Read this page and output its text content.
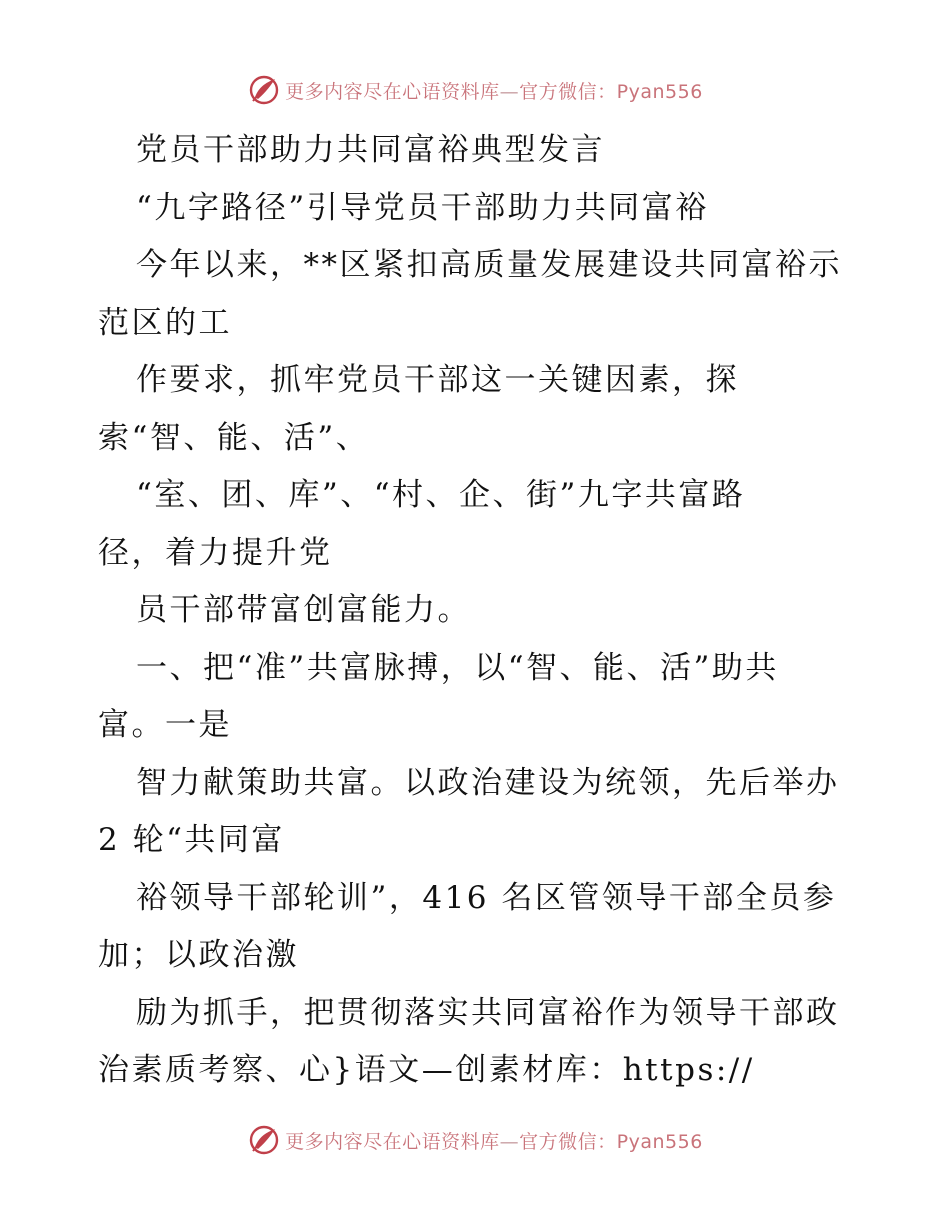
更多内容尽在心语资料库—官方微信：Pyan556
党员干部助力共同富裕典型发言
“九字路径”引导党员干部助力共同富裕
今年以来，**区紧扣高质量发展建设共同富裕示
范区的工
作要求，抓牢党员干部这一关键因素，探
索“智、能、活”、
“室、团、库”、“村、企、街”九字共富路
径，着力提升党
员干部带富创富能力。
一、把“准”共富脉搏，以“智、能、活”助共
富。一是
智力献策助共富。以政治建设为统领，先后举办
2 轮“共同富
裕领导干部轮训”，416 名区管领导干部全员参
加；以政治激
励为抓手，把贯彻落实共同富裕作为领导干部政
治素质考察、心}语文—创素材库：https://
更多内容尽在心语资料库—官方微信：Pyan556
